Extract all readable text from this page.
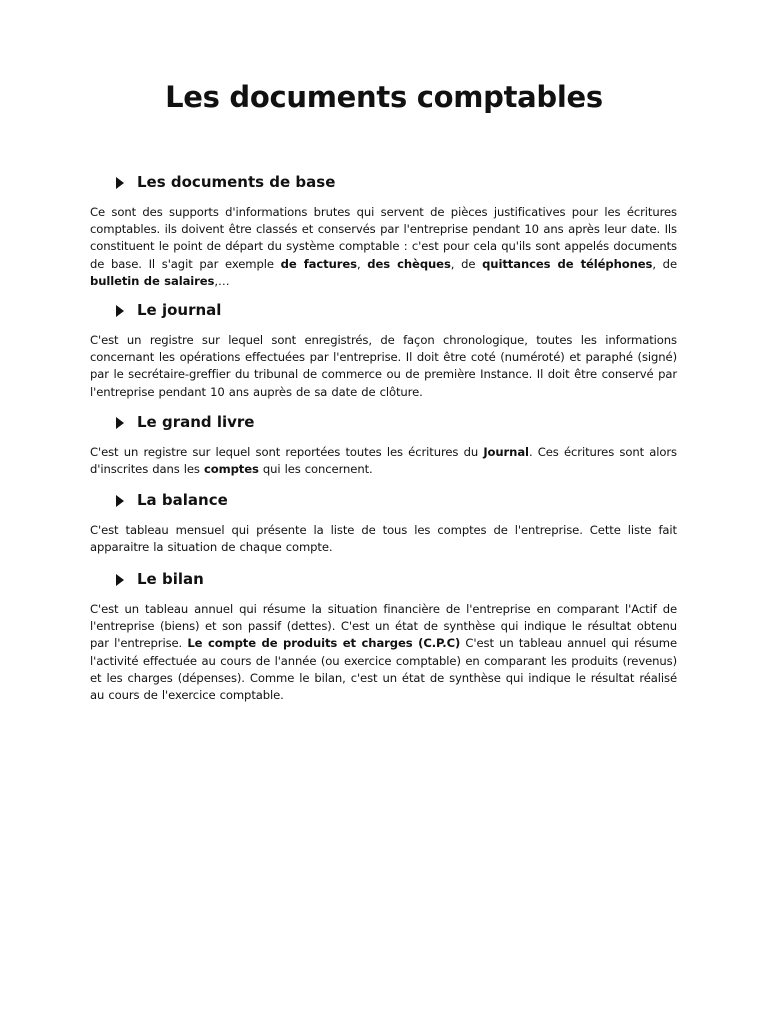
Les documents comptables
Les documents de base

Ce sont des supports d'informations brutes qui servent de pièces justificatives pour les écritures comptables. ils doivent être classés et conservés par l'entreprise pendant 10 ans après leur date. Ils constituent le point de départ du système comptable : c'est pour cela qu'ils sont appelés documents de base. Il s'agit par exemple de factures, des chèques, de quittances de téléphones, de bulletin de salaires,…

Le journal

C'est un registre sur lequel sont enregistrés, de façon chronologique, toutes les informations concernant les opérations effectuées par l'entreprise. Il doit être coté (numéroté) et paraphé (signé) par le secrétaire-greffier du tribunal de commerce ou de première Instance. Il doit être conservé par l'entreprise pendant 10 ans auprès de sa date de clôture.

Le grand livre

C'est un registre sur lequel sont reportées toutes les écritures du Journal. Ces écritures sont alors d'inscrites dans les comptes qui les concernent.

La balance

C'est tableau mensuel qui présente la liste de tous les comptes de l'entreprise. Cette liste fait apparaitre la situation de chaque compte.

Le bilan

C'est un tableau annuel qui résume la situation financière de l'entreprise en comparant l'Actif de l'entreprise (biens) et son passif (dettes). C'est un état de synthèse qui indique le résultat obtenu par l'entreprise. Le compte de produits et charges (C.P.C) C'est un tableau annuel qui résume l'activité effectuée au cours de l'année (ou exercice comptable) en comparant les produits (revenus) et les charges (dépenses). Comme le bilan, c'est un état de synthèse qui indique le résultat réalisé au cours de l'exercice comptable.
